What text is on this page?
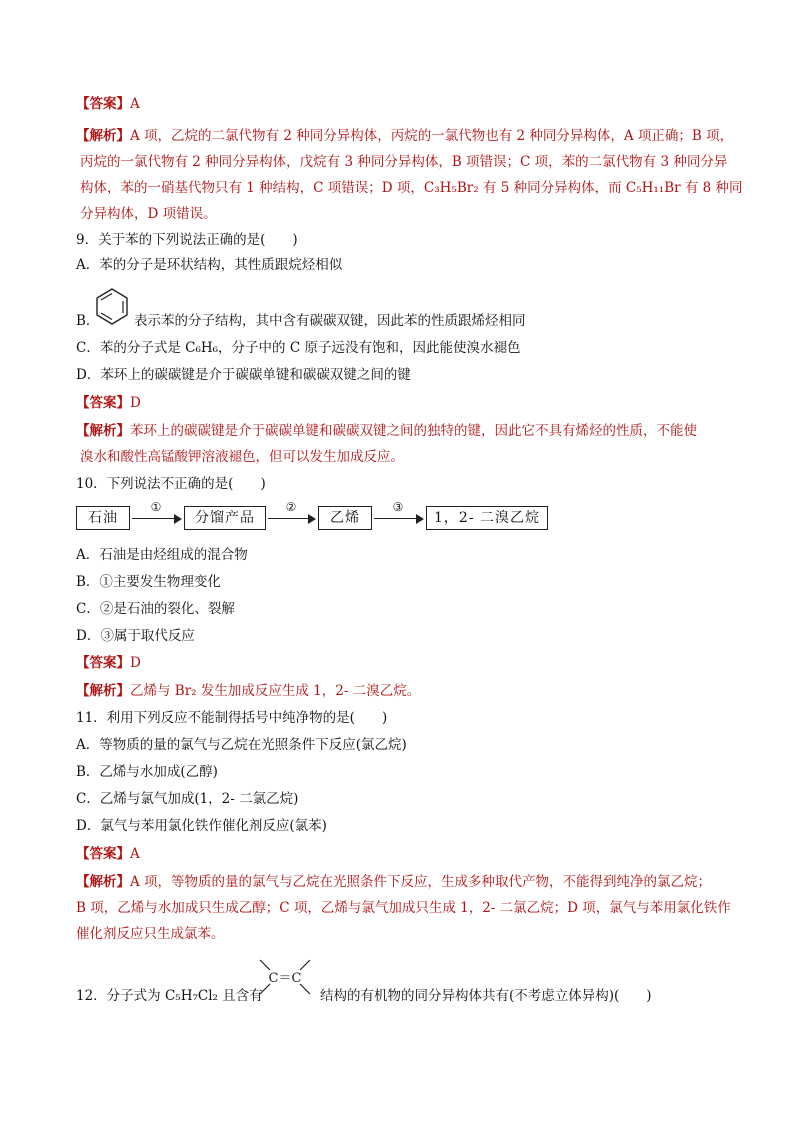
【答案】A
【解析】A 项，乙烷的二氯代物有 2 种同分异构体，丙烷的一氯代物也有 2 种同分异构体，A 项正确；B 项，
丙烷的一氯代物有 2 种同分异构体，戊烷有 3 种同分异构体，B 项错误；C 项，苯的二氯代物有 3 种同分异
构体，苯的一硝基代物只有 1 种结构，C 项错误；D 项，C₃H₅Br₂ 有 5 种同分异构体，而 C₅H₁₁Br 有 8 种同
分异构体，D 项错误。
9．关于苯的下列说法正确的是(　　)
A．苯的分子是环状结构，其性质跟烷烃相似
B．	表示苯的分子结构，其中含有碳碳双键，因此苯的性质跟烯烃相同
C．苯的分子式是 C₆H₆，分子中的 C 原子远没有饱和，因此能使溴水褪色
D．苯环上的碳碳键是介于碳碳单键和碳碳双键之间的键
【答案】D
【解析】苯环上的碳碳键是介于碳碳单键和碳碳双键之间的独特的键，因此它不具有烯烃的性质，不能使
溴水和酸性高锰酸钾溶液褪色，但可以发生加成反应。
10．下列说法不正确的是(　　)
石油
①
分馏产品
②
乙烯
③
1，2- 二溴乙烷
A．石油是由烃组成的混合物
B．①主要发生物理变化
C．②是石油的裂化、裂解
D．③属于取代反应
【答案】D
【解析】乙烯与 Br₂ 发生加成反应生成 1，2- 二溴乙烷。
11．利用下列反应不能制得括号中纯净物的是(　　)
A．等物质的量的氯气与乙烷在光照条件下反应(氯乙烷)
B．乙烯与水加成(乙醇)
C．乙烯与氯气加成(1，2- 二氯乙烷)
D．氯气与苯用氯化铁作催化剂反应(氯苯)
【答案】A
【解析】A 项，等物质的量的氯气与乙烷在光照条件下反应，生成多种取代产物，不能得到纯净的氯乙烷；
B 项，乙烯与水加成只生成乙醇；C 项，乙烯与氯气加成只生成 1，2- 二氯乙烷；D 项，氯气与苯用氯化铁作
催化剂反应只生成氯苯。
12．分子式为 C₅H₇Cl₂ 且含有
C＝C
结构的有机物的同分异构体共有(不考虑立体异构)(　　)
